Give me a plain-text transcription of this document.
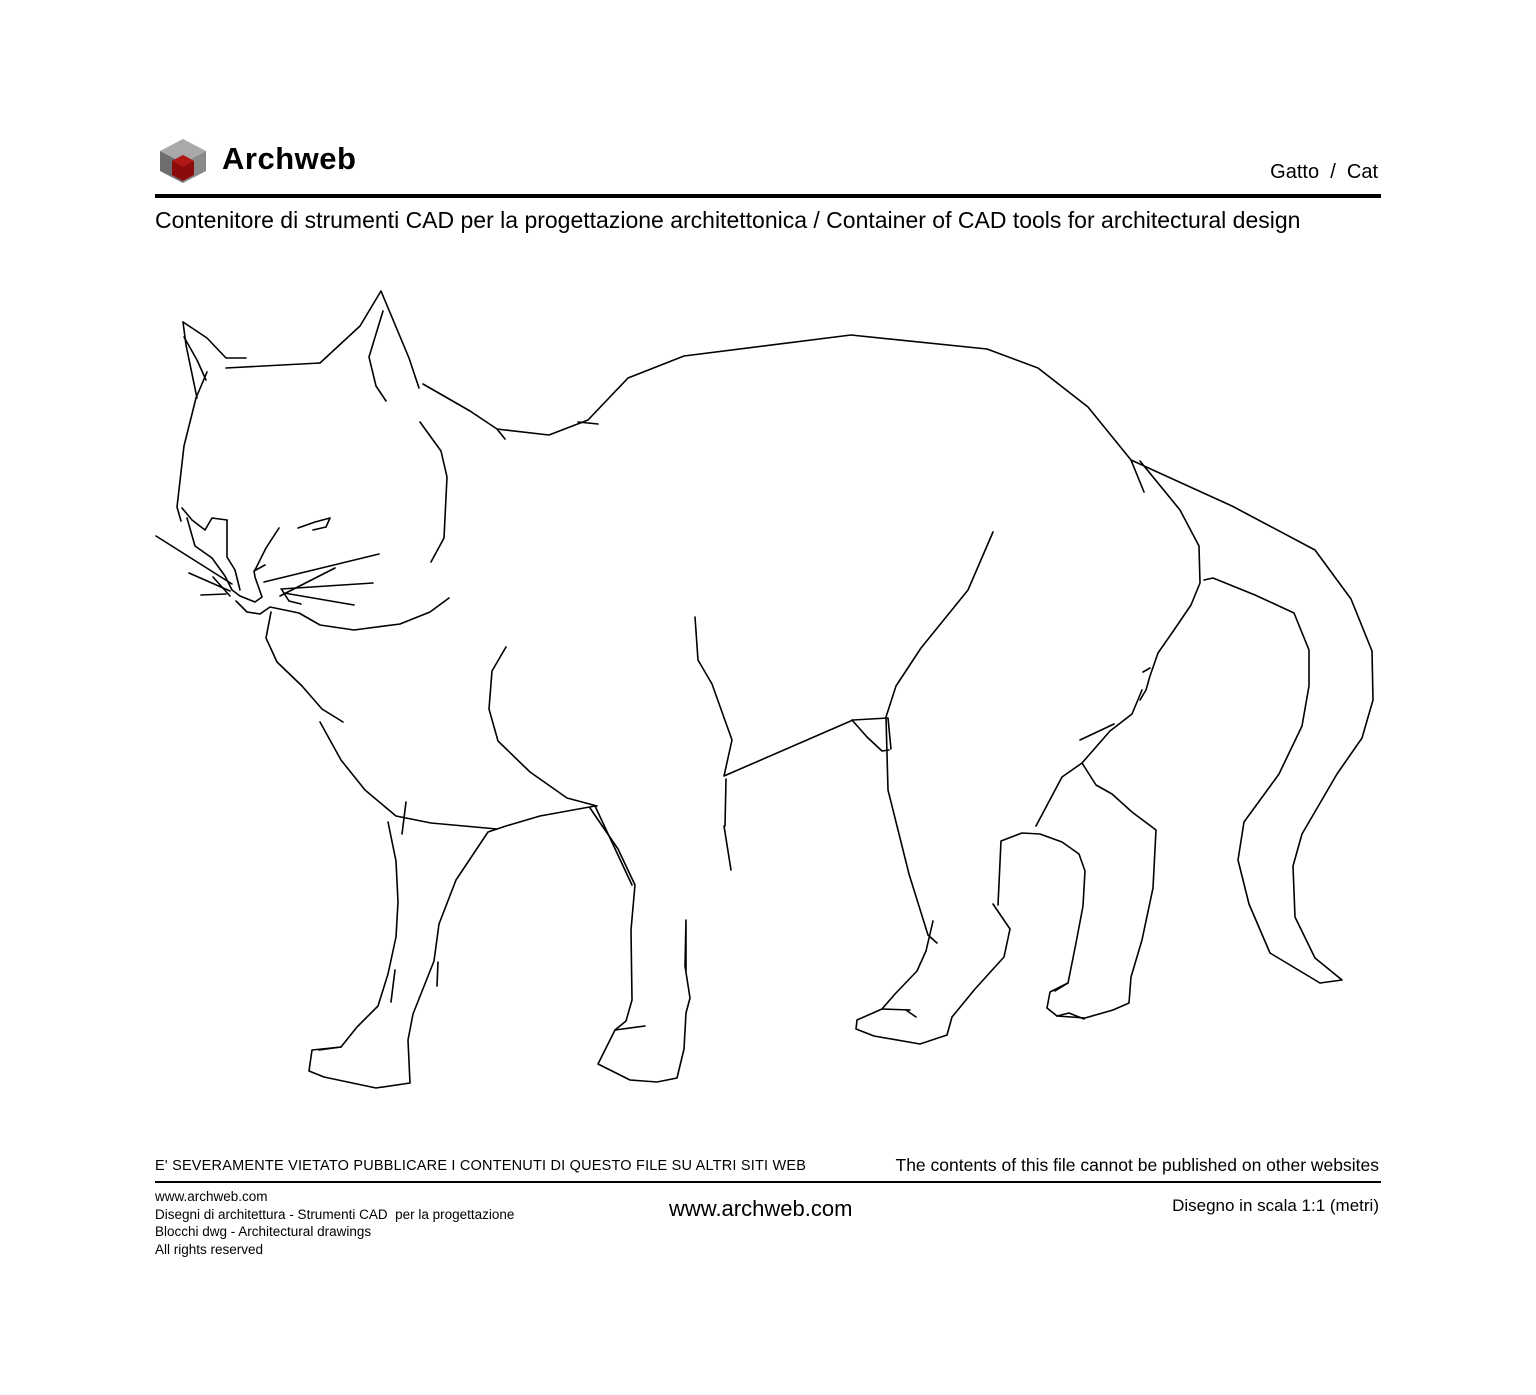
Archweb	Gatto  /  Cat
Contenitore di strumenti CAD per la progettazione architettonica / Container of CAD tools for architectural design
E' SEVERAMENTE VIETATO PUBBLICARE I CONTENUTI DI QUESTO FILE SU ALTRI SITI WEB	The contents of this file cannot be published on other websites
www.archweb.com
Disegni di architettura - Strumenti CAD  per la progettazione
Blocchi dwg - Architectural drawings
All rights reserved
www.archweb.com	Disegno in scala 1:1 (metri)
